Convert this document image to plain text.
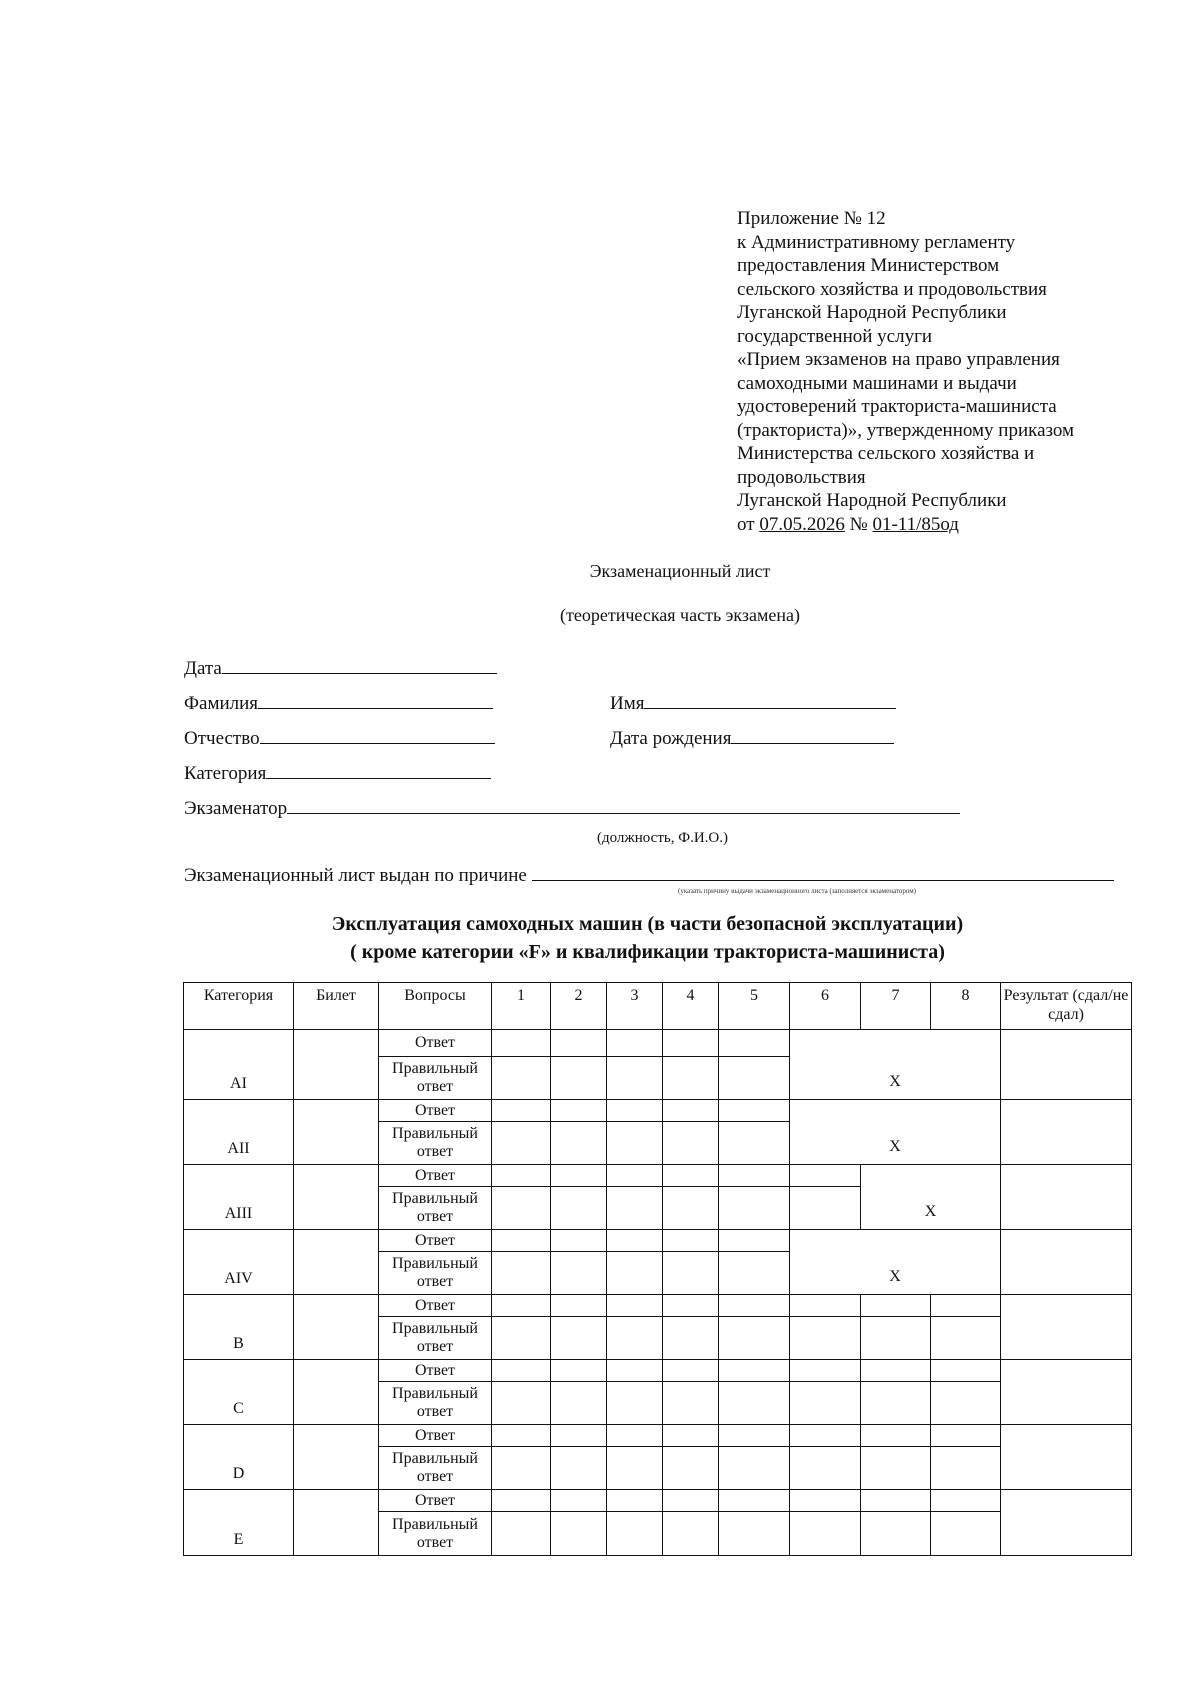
Приложение № 12
к Административному регламенту
предоставления Министерством
сельского хозяйства и продовольствия
Луганской Народной Республики
государственной услуги
«Прием экзаменов на право управления
самоходными машинами и выдачи
удостоверений тракториста-машиниста
(тракториста)», утвержденному приказом
Министерства сельского хозяйства и
продовольствия
Луганской Народной Республики
от 07.05.2026 № 01-11/85од
Экзаменационный лист
(теоретическая часть экзамена)
Дата
Фамилия	Имя
Отчество	Дата рождения
Категория
Экзаменатор
(должность, Ф.И.О.)
Экзаменационный лист выдан по причине
(указать причину выдачи экзаменационного листа (заполняется экзаменатором)
Эксплуатация самоходных машин (в части безопасной эксплуатации)
( кроме категории «F» и квалификации тракториста-машиниста)
Категория	Билет	Вопросы	1	2	3	4	5	6	7	8	Результат (сдал/не сдал)
AI		Ответ						X			
		Правильный ответ									
AII		Ответ						X			
		Правильный ответ									
AIII		Ответ							X		
		Правильный ответ									
AIV		Ответ						X			
		Правильный ответ									
B		Ответ									
		Правильный ответ									
C		Ответ									
		Правильный ответ									
D		Ответ									
		Правильный ответ									
E		Ответ									
		Правильный ответ									
